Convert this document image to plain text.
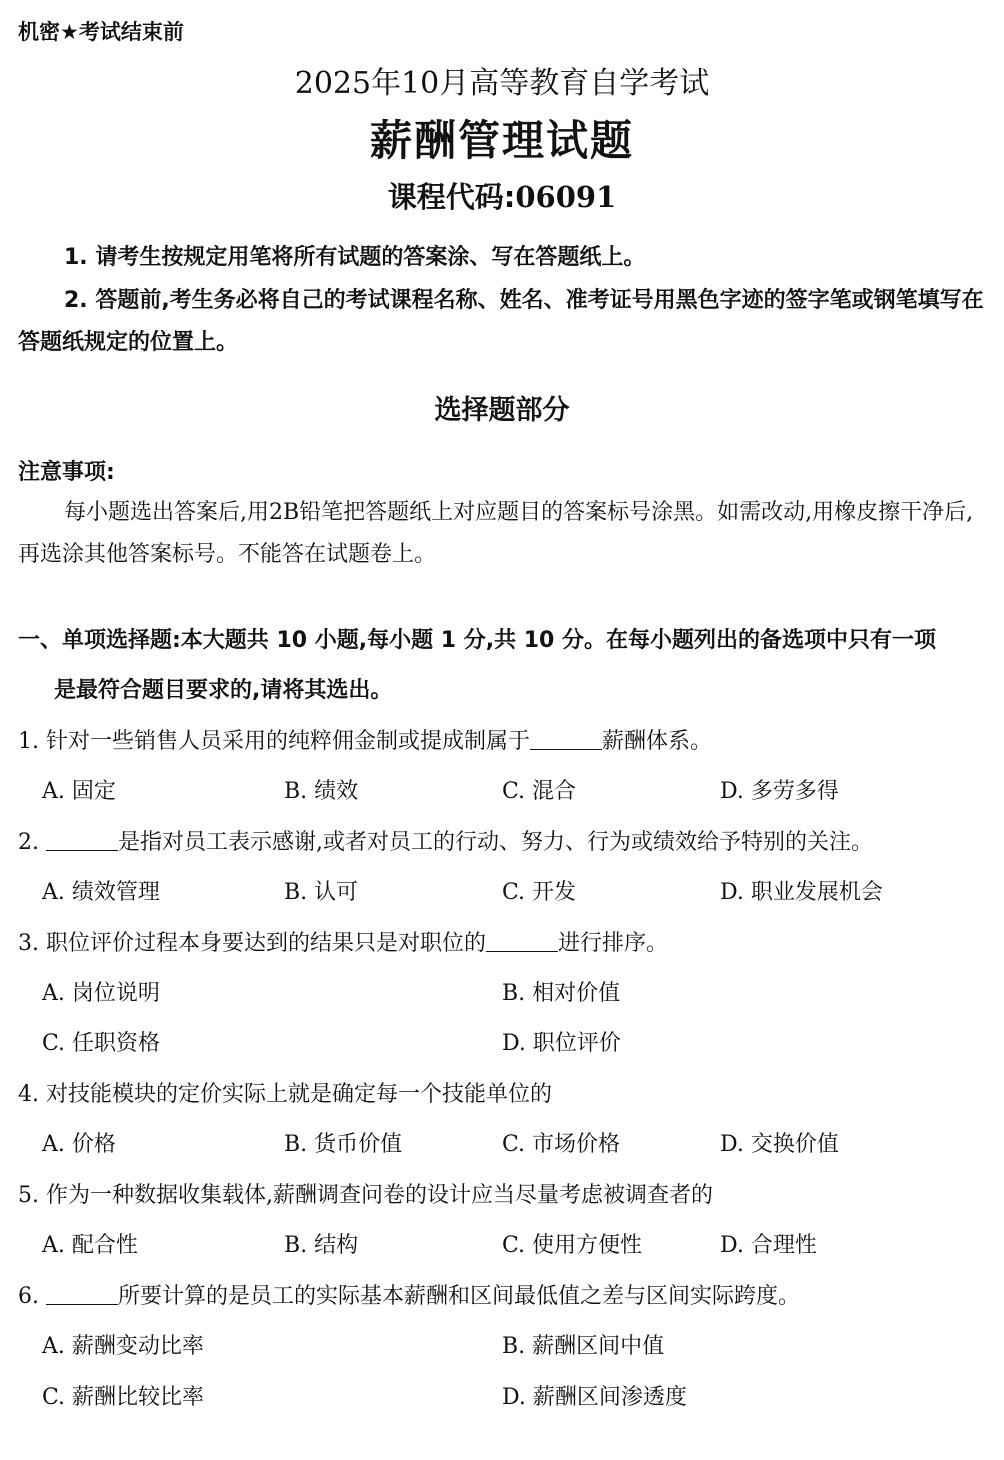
机密★考试结束前
2025年10月高等教育自学考试
薪酬管理试题
课程代码:06091
1. 请考生按规定用笔将所有试题的答案涂、写在答题纸上。
2. 答题前,考生务必将自己的考试课程名称、姓名、准考证号用黑色字迹的签字笔或钢笔填写在答题纸规定的位置上。
选择题部分
注意事项:
每小题选出答案后,用2B铅笔把答题纸上对应题目的答案标号涂黑。如需改动,用橡皮擦干净后,再选涂其他答案标号。不能答在试题卷上。
一、单项选择题:本大题共 10 小题,每小题 1 分,共 10 分。在每小题列出的备选项中只有一项
是最符合题目要求的,请将其选出。
1. 针对一些销售人员采用的纯粹佣金制或提成制属于	薪酬体系。
A. 固定	B. 绩效	C. 混合	D. 多劳多得
2.	是指对员工表示感谢,或者对员工的行动、努力、行为或绩效给予特别的关注。
A. 绩效管理	B. 认可	C. 开发	D. 职业发展机会
3. 职位评价过程本身要达到的结果只是对职位的	进行排序。
A. 岗位说明	B. 相对价值
C. 任职资格	D. 职位评价
4. 对技能模块的定价实际上就是确定每一个技能单位的
A. 价格	B. 货币价值	C. 市场价格	D. 交换价值
5. 作为一种数据收集载体,薪酬调查问卷的设计应当尽量考虑被调查者的
A. 配合性	B. 结构	C. 使用方便性	D. 合理性
6.	所要计算的是员工的实际基本薪酬和区间最低值之差与区间实际跨度。
A. 薪酬变动比率	B. 薪酬区间中值
C. 薪酬比较比率	D. 薪酬区间渗透度
